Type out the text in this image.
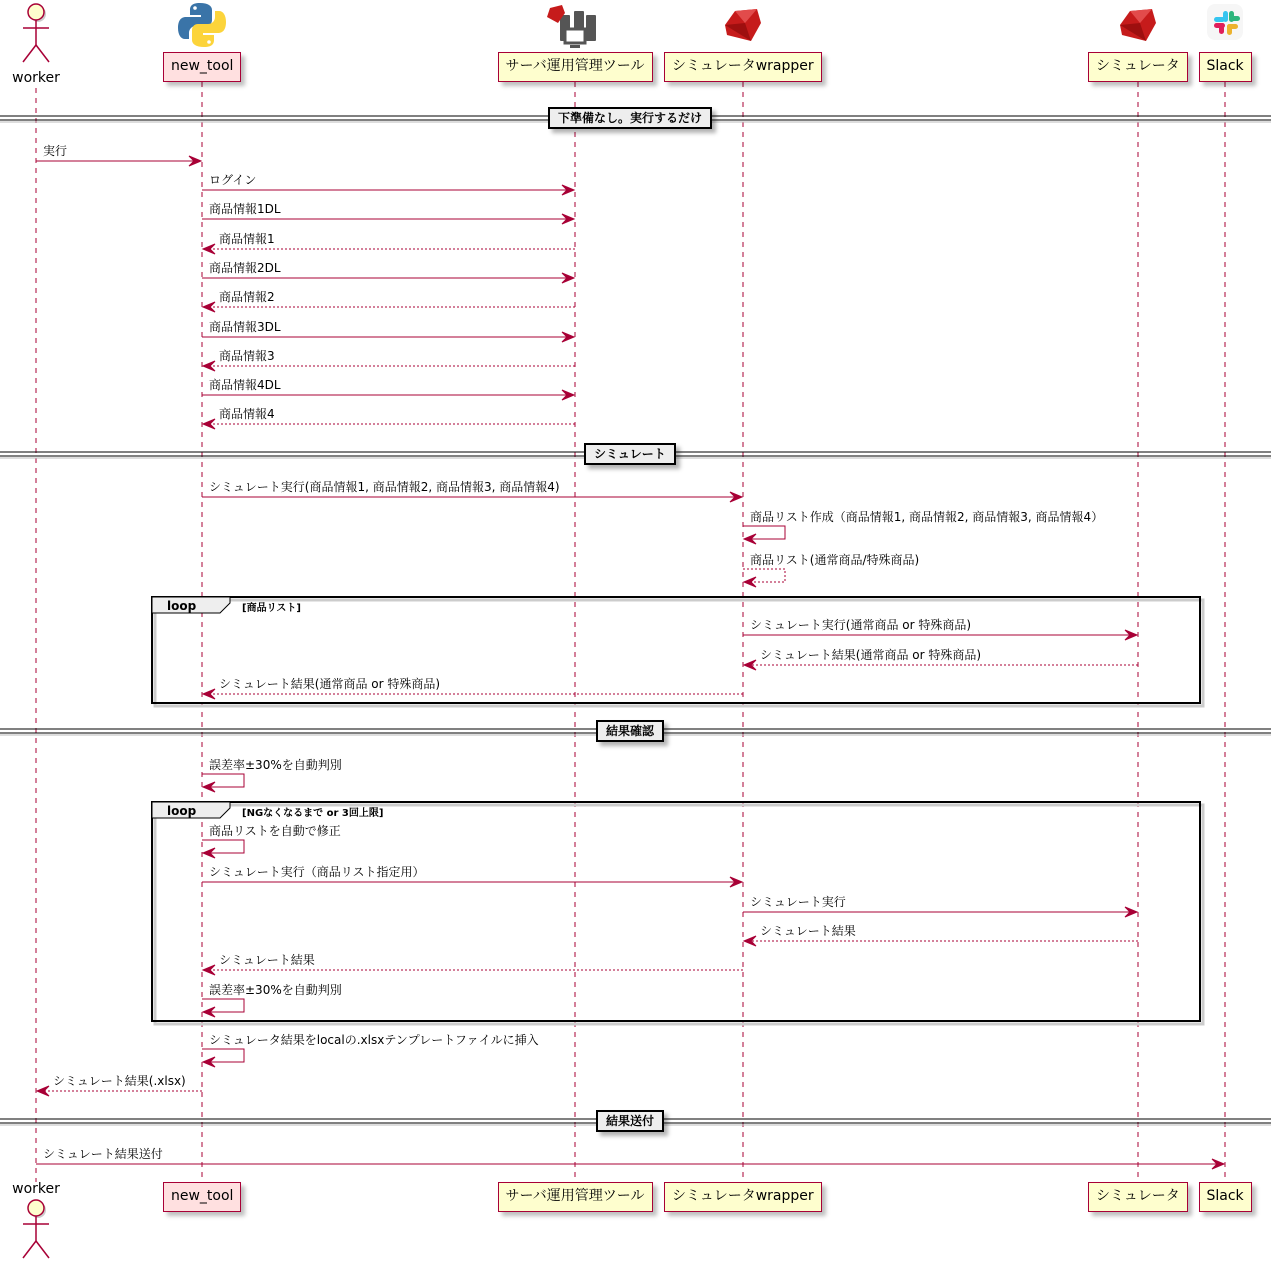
下準備なし。実行するだけ
シミュレート
結果確認
結果送付
loop	[商品リスト]
loop	[NGなくなるまで or 3回上限]
実行
ログイン
商品情報1DL
商品情報1
商品情報2DL
商品情報2
商品情報3DL
商品情報3
商品情報4DL
商品情報4
シミュレート実行(商品情報1, 商品情報2, 商品情報3, 商品情報4)
商品リスト作成（商品情報1, 商品情報2, 商品情報3, 商品情報4）
商品リスト(通常商品/特殊商品)
シミュレート実行(通常商品 or 特殊商品)
シミュレート結果(通常商品 or 特殊商品)
シミュレート結果(通常商品 or 特殊商品)
誤差率±30%を自動判別
商品リストを自動で修正
シミュレート実行（商品リスト指定用）
シミュレート実行
シミュレート結果
シミュレート結果
誤差率±30%を自動判別
シミュレータ結果をlocalの.xlsxテンプレートファイルに挿入
シミュレート結果(.xlsx)
シミュレート結果送付
worker
worker
new_tool
new_tool
サーバ運用管理ツール
サーバ運用管理ツール
シミュレータwrapper
シミュレータwrapper
シミュレータ
シミュレータ
Slack
Slack
